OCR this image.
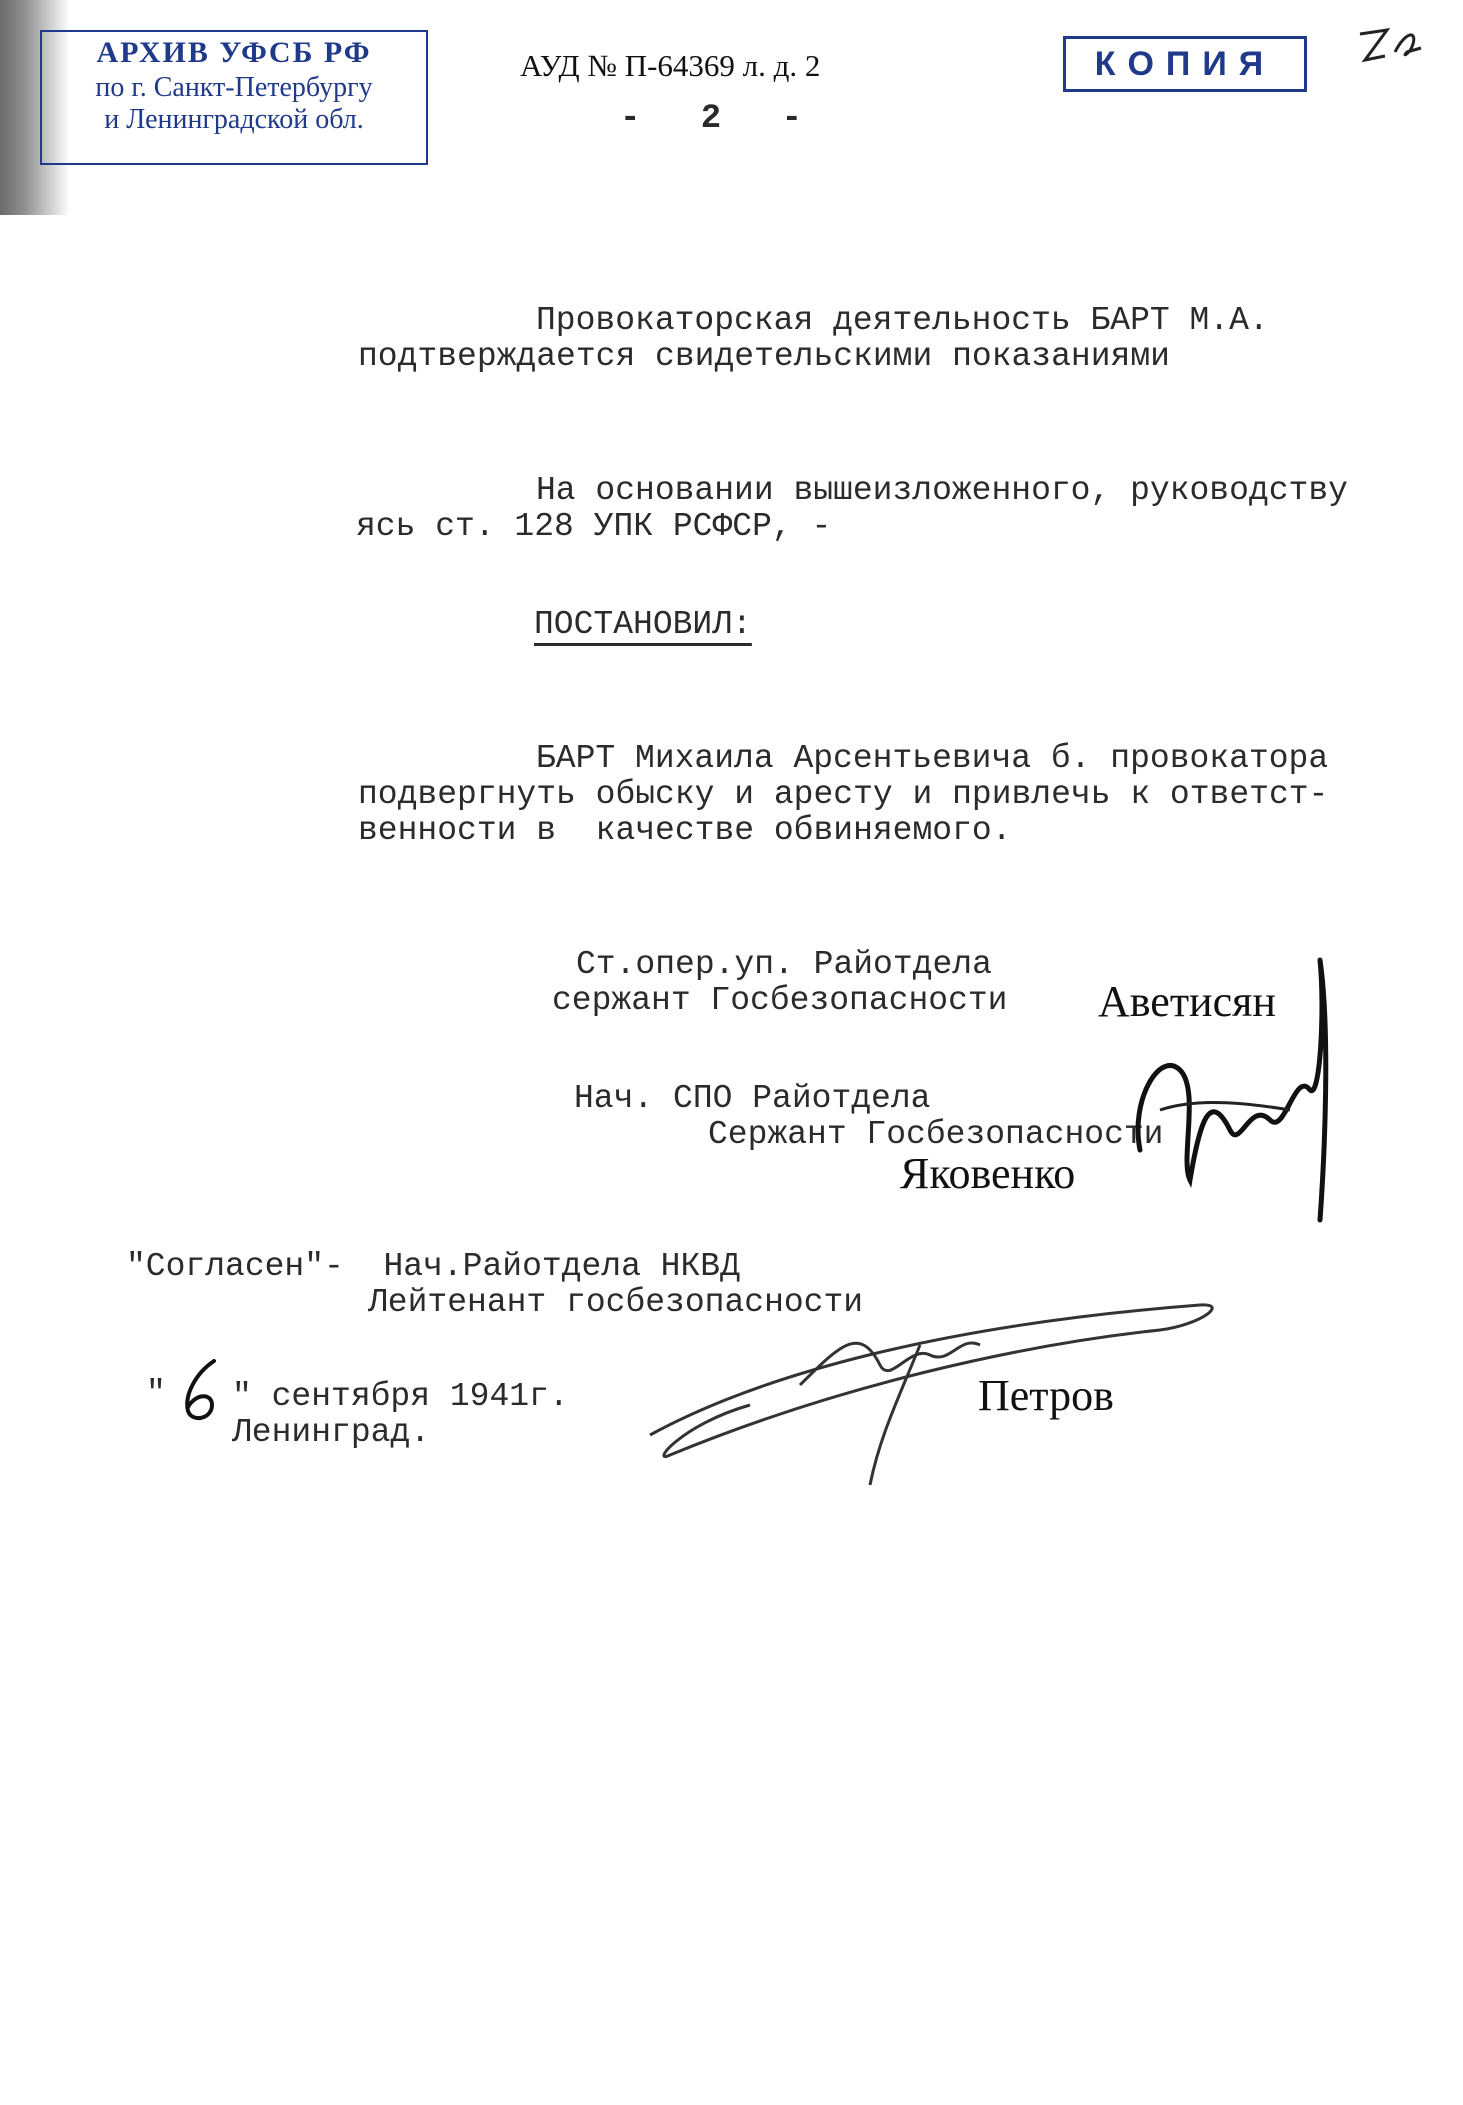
АРХИВ УФСБ РФ
по г. Санкт-Петербургу
и Ленинградской обл.
АУД № П-64369 л. д. 2	КОПИЯ
- 2 -
Провокаторская деятельность БАРТ М.А.
подтверждается свидетельскими показаниями
На основании вышеизложенного, руководству
ясь ст. 128 УПК РСФСР, -
ПОСТАНОВИЛ:
БАРТ Михаила Арсентьевича б. провокатора
подвергнуть обыску и аресту и привлечь к ответст-
венности в  качестве обвиняемого.
Ст.опер.уп. Райотдела
сержант Госбезопасности Аветисян
Нач. СПО Райотдела
Сержант Госбезопасности
Яковенко
"Согласен"-  Нач.Райотдела НКВД
Лейтенант госбезопасности
Петров
" " сентября 1941г.
Ленинград.
